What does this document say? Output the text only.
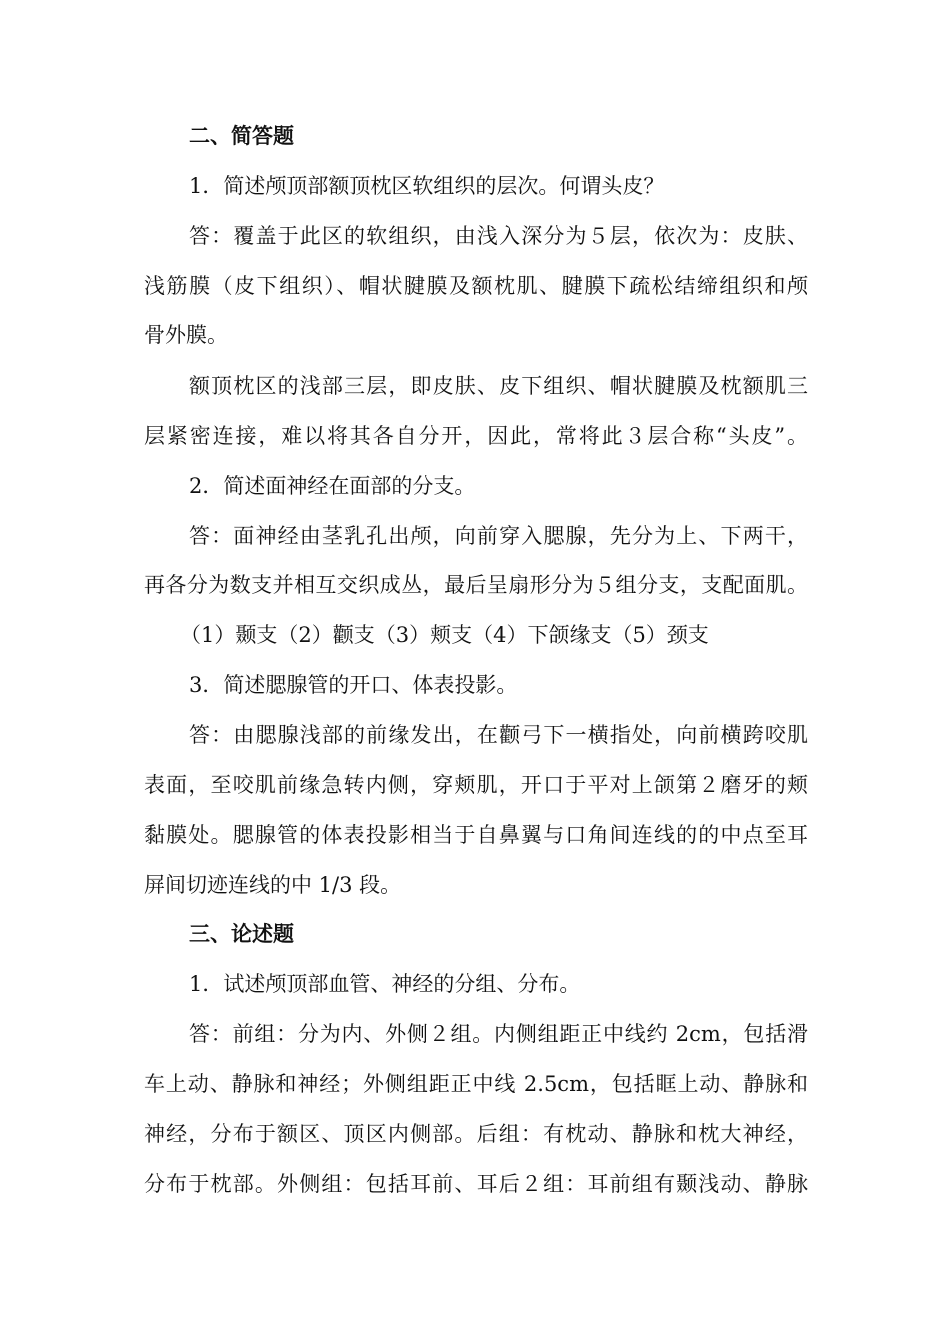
二、简答题
1．简述颅顶部额顶枕区软组织的层次。何谓头皮？
答：覆盖于此区的软组织，由浅入深分为５层，依次为：皮肤、
浅筋膜（皮下组织）、帽状腱膜及额枕肌、腱膜下疏松结缔组织和颅
骨外膜。
额顶枕区的浅部三层，即皮肤、皮下组织、帽状腱膜及枕额肌三
层紧密连接，难以将其各自分开，因此，常将此３层合称“头皮”。
2．简述面神经在面部的分支。
答：面神经由茎乳孔出颅，向前穿入腮腺，先分为上、下两干，
再各分为数支并相互交织成丛，最后呈扇形分为５组分支，支配面肌。
（1）颞支（2）颧支（3）颊支（4）下颌缘支（5）颈支
3．简述腮腺管的开口、体表投影。
答：由腮腺浅部的前缘发出，在颧弓下一横指处，向前横跨咬肌
表面，至咬肌前缘急转内侧，穿颊肌，开口于平对上颌第２磨牙的颊
黏膜处。腮腺管的体表投影相当于自鼻翼与口角间连线的的中点至耳
屏间切迹连线的中 1/3 段。
三、论述题
1．试述颅顶部血管、神经的分组、分布。
答：前组：分为内、外侧２组。内侧组距正中线约 2cm，包括滑
车上动、静脉和神经；外侧组距正中线 2.5cm，包括眶上动、静脉和
神经，分布于额区、顶区内侧部。后组：有枕动、静脉和枕大神经，
分布于枕部。外侧组：包括耳前、耳后２组：耳前组有颞浅动、静脉
